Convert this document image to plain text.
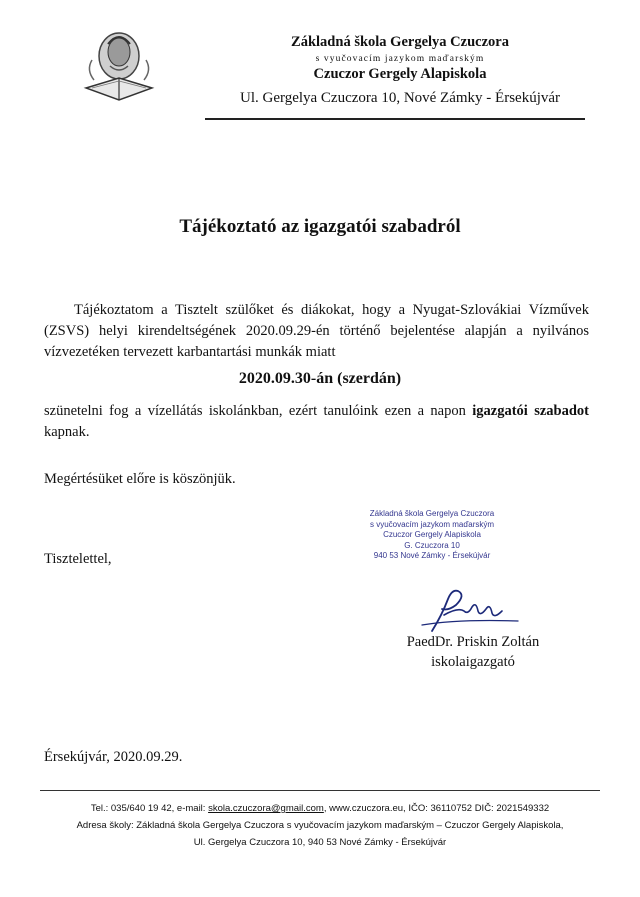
Základná škola Gergelya Czuczora
s vyučovacím jazykom maďarským
Czuczor Gergely Alapiskola
Ul. Gergelya Czuczora 10, Nové Zámky - Érsekújvár
Tájékoztató az igazgatói szabadról
Tájékoztatom a Tisztelt szülőket és diákokat, hogy a Nyugat-Szlovákiai Vízművek (ZSVS) helyi kirendeltségének 2020.09.29-én történő bejelentése alapján a nyilvános vízvezetéken tervezett karbantartási munkák miatt
2020.09.30-án (szerdán)
szünetelni fog a vízellátás iskolánkban, ezért tanulóink ezen a napon igazgatói szabadot kapnak.
Megértésüket előre is köszönjük.
Základná škola Gergelya Czuczora
s vyučovacím jazykom maďarským
Czuczor Gergely Alapiskola
G. Czuczora 10
940 53 Nové Zámky - Érsekújvár
Tisztelettel,
PaedDr. Priskin Zoltán
iskolaigazgató
Érsekújvár, 2020.09.29.
Tel.: 035/640 19 42, e-mail: skola.czuczora@gmail.com, www.czuczora.eu, IČO: 36110752 DIČ: 2021549332
Adresa školy: Základná škola Gergelya Czuczora s vyučovacím jazykom maďarským – Czuczor Gergely Alapiskola,
Ul. Gergelya Czuczora 10, 940 53 Nové Zámky - Érsekújvár
